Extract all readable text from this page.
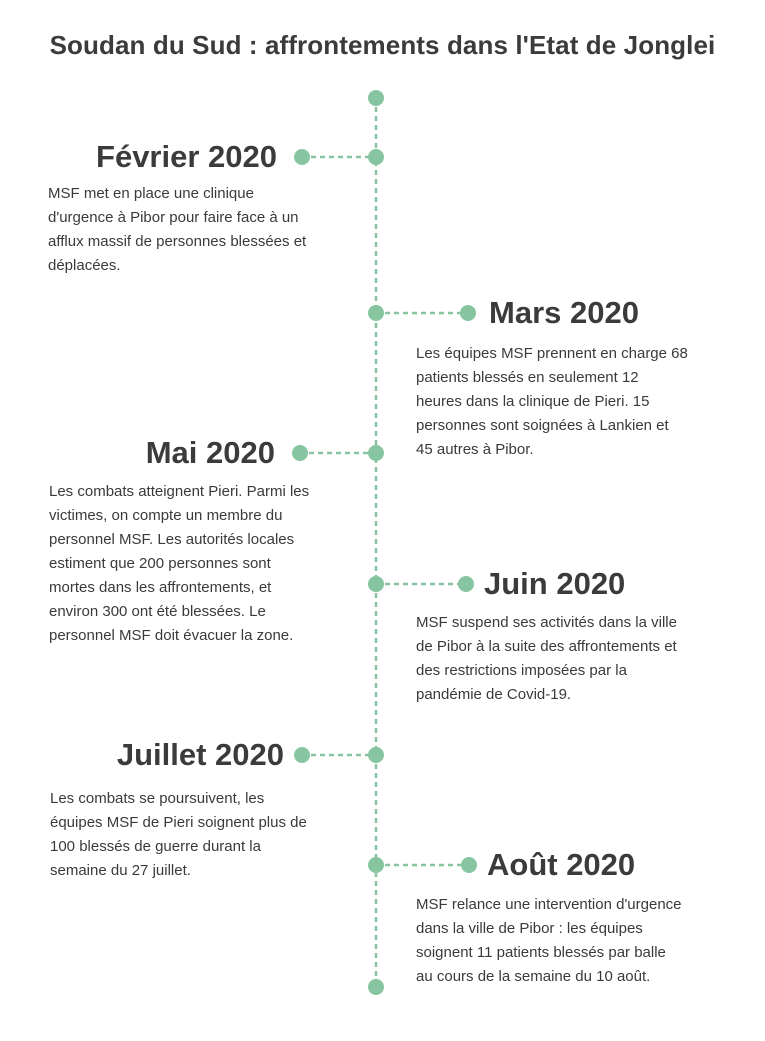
Soudan du Sud : affrontements dans l'Etat de Jonglei
Février 2020
MSF met en place une clinique
d'urgence à Pibor pour faire face à un
afflux massif de personnes blessées et
déplacées.
Mars 2020
Les équipes MSF prennent en charge 68
patients blessés en seulement 12
heures dans la clinique de Pieri. 15
personnes sont soignées à Lankien et
45 autres à Pibor.
Mai 2020
Les combats atteignent Pieri. Parmi les
victimes, on compte un membre du
personnel MSF. Les autorités locales
estiment que 200 personnes sont
mortes dans les affrontements, et
environ 300 ont été blessées. Le
personnel MSF doit évacuer la zone.
Juin 2020
MSF suspend ses activités dans la ville
de Pibor à la suite des affrontements et
des restrictions imposées par la
pandémie de Covid-19.
Juillet 2020
Les combats se poursuivent, les
équipes MSF de Pieri soignent plus de
100 blessés de guerre durant la
semaine du 27 juillet.	Août 2020
MSF relance une intervention d'urgence
dans la ville de Pibor : les équipes
soignent 11 patients blessés par balle
au cours de la semaine du 10 août.
